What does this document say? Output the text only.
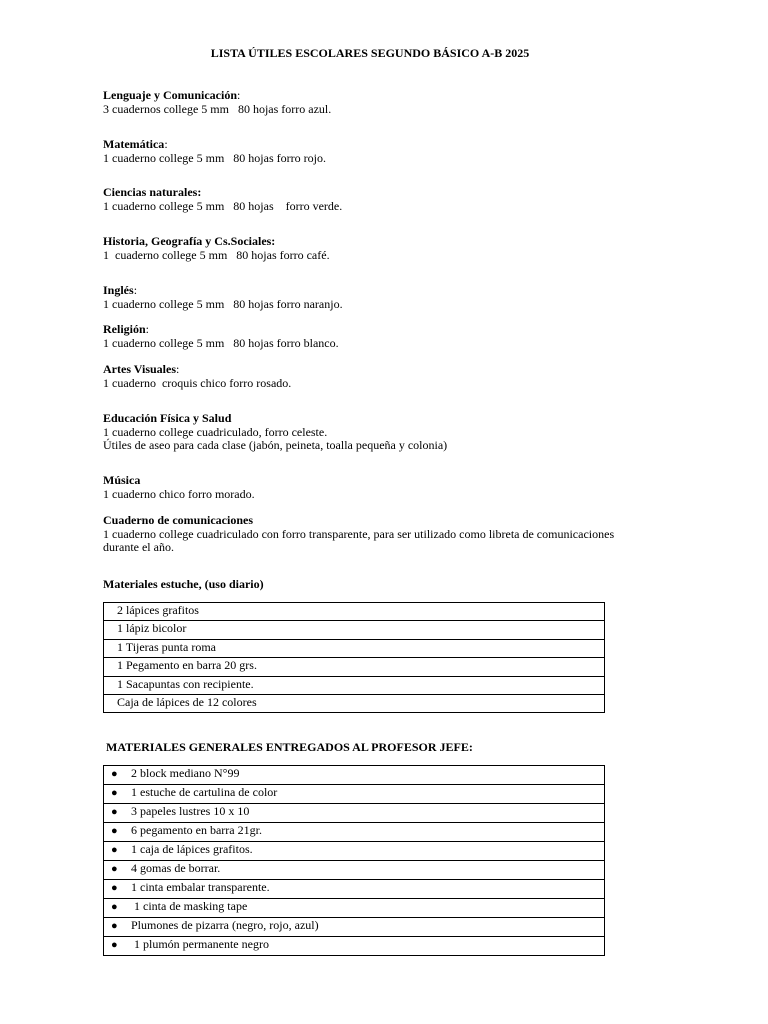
LISTA ÚTILES ESCOLARES SEGUNDO BÁSICO A-B 2025
Lenguaje y Comunicación:
3 cuadernos college 5 mm   80 hojas forro azul.
Matemática:
1 cuaderno college 5 mm   80 hojas forro rojo.
Ciencias naturales:
1 cuaderno college 5 mm   80 hojas    forro verde.
Historia, Geografía y Cs.Sociales:
1  cuaderno college 5 mm   80 hojas forro café.
Inglés:
1 cuaderno college 5 mm   80 hojas forro naranjo.
Religión:
1 cuaderno college 5 mm   80 hojas forro blanco.
Artes Visuales:
1 cuaderno  croquis chico forro rosado.
Educación Física y Salud
1 cuaderno college cuadriculado, forro celeste.
Útiles de aseo para cada clase (jabón, peineta, toalla pequeña y colonia)
Música
1 cuaderno chico forro morado.
Cuaderno de comunicaciones
1 cuaderno college cuadriculado con forro transparente, para ser utilizado como libreta de comunicaciones durante el año.
Materiales estuche, (uso diario)
2 lápices grafitos
1 lápiz bicolor
1 Tijeras punta roma
1 Pegamento en barra 20 grs.
1 Sacapuntas con recipiente.
Caja de lápices de 12 colores
MATERIALES GENERALES ENTREGADOS AL PROFESOR JEFE:
● 2 block mediano N°99
● 1 estuche de cartulina de color
● 3 papeles lustres 10 x 10
● 6 pegamento en barra 21gr.
● 1 caja de lápices grafitos.
● 4 gomas de borrar.
● 1 cinta embalar transparente.
● 1 cinta de masking tape
● Plumones de pizarra (negro, rojo, azul)
● 1 plumón permanente negro
